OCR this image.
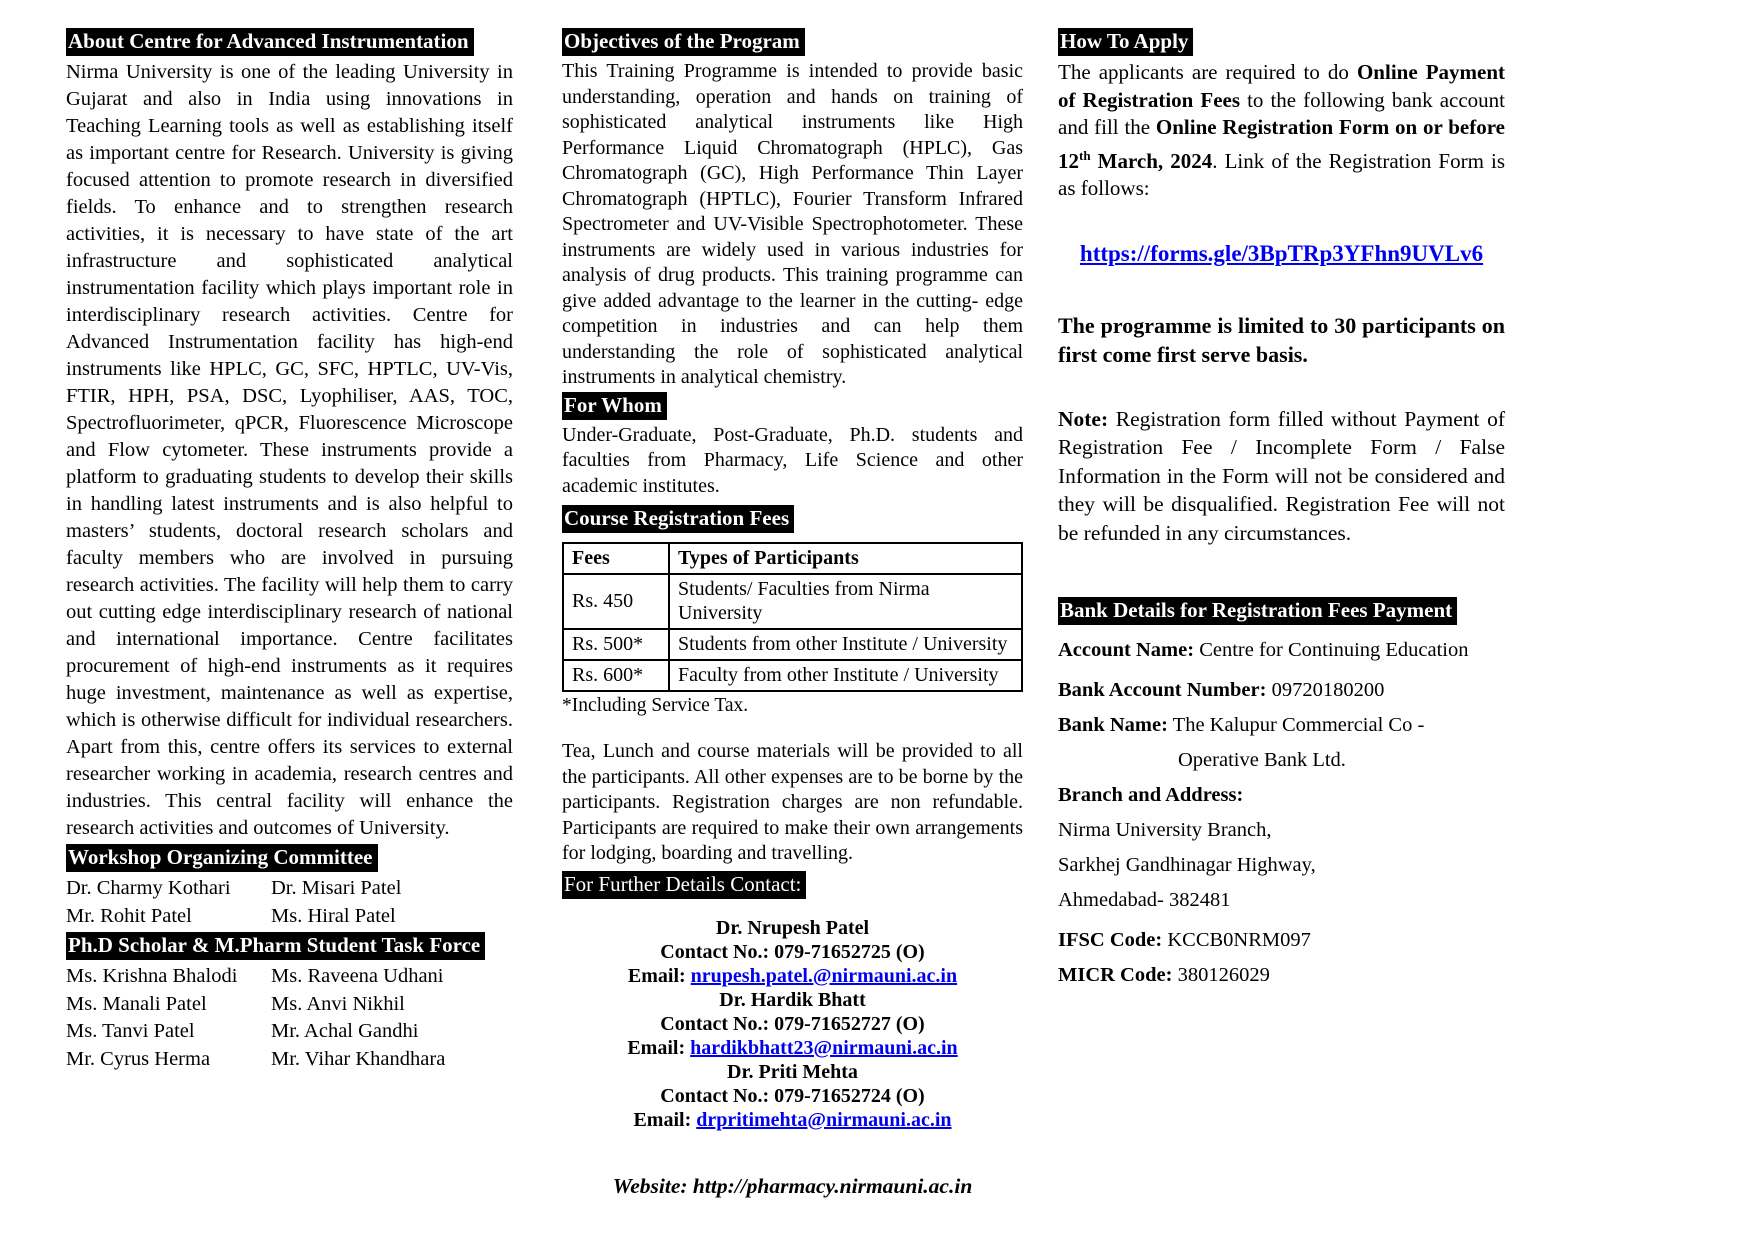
About Centre for Advanced Instrumentation

Nirma University is one of the leading University in Gujarat and also in India using innovations in Teaching Learning tools as well as establishing itself as important centre for Research. University is giving focused attention to promote research in diversified fields. To enhance and to strengthen research activities, it is necessary to have state of the art infrastructure and sophisticated analytical instrumentation facility which plays important role in interdisciplinary research activities. Centre for Advanced Instrumentation facility has high-end instruments like HPLC, GC, SFC, HPTLC, UV-Vis, FTIR, HPH, PSA, DSC, Lyophiliser, AAS, TOC, Spectrofluorimeter, qPCR, Fluorescence Microscope and Flow cytometer. These instruments provide a platform to graduating students to develop their skills in handling latest instruments and is also helpful to masters’ students, doctoral research scholars and faculty members who are involved in pursuing research activities. The facility will help them to carry out cutting edge interdisciplinary research of national and international importance. Centre facilitates procurement of high-end instruments as it requires huge investment, maintenance as well as expertise, which is otherwise difficult for individual researchers. Apart from this, centre offers its services to external researcher working in academia, research centres and industries. This central facility will enhance the research activities and outcomes of University.

Workshop Organizing Committee
Dr. Charmy Kothari	Dr. Misari Patel
Mr. Rohit Patel	Ms. Hiral Patel
Ph.D Scholar & M.Pharm Student Task Force
Ms. Krishna Bhalodi	Ms. Raveena Udhani
Ms. Manali Patel	Ms. Anvi Nikhil
Ms. Tanvi Patel	Mr. Achal Gandhi
Mr. Cyrus Herma	Mr. Vihar Khandhara
Objectives of the Program

This Training Programme is intended to provide basic understanding, operation and hands on training of sophisticated analytical instruments like High Performance Liquid Chromatograph (HPLC), Gas Chromatograph (GC), High Performance Thin Layer Chromatograph (HPTLC), Fourier Transform Infrared Spectrometer and UV-Visible Spectrophotometer. These instruments are widely used in various industries for analysis of drug products. This training programme can give added advantage to the learner in the cutting- edge competition in industries and can help them understanding the role of sophisticated analytical instruments in analytical chemistry.

For Whom

Under-Graduate, Post-Graduate, Ph.D. students and faculties from Pharmacy, Life Science and other academic institutes.

Course Registration Fees
Fees	Types of Participants
Rs. 450	Students/ Faculties from Nirma University
Rs. 500*	Students from other Institute / University
Rs. 600*	Faculty from other Institute / University

*Including Service Tax.

Tea, Lunch and course materials will be provided to all the participants. All other expenses are to be borne by the participants. Registration charges are non refundable. Participants are required to make their own arrangements for lodging, boarding and travelling.

For Further Details Contact:
Dr. Nrupesh Patel
Contact No.: 079-71652725 (O)
Email: nrupesh.patel.@nirmauni.ac.in
Dr. Hardik Bhatt
Contact No.: 079-71652727 (O)
Email: hardikbhatt23@nirmauni.ac.in
Dr. Priti Mehta
Contact No.: 079-71652724 (O)
Email: drpritimehta@nirmauni.ac.in
Website: http://pharmacy.nirmauni.ac.in
How To Apply

The applicants are required to do Online Payment of Registration Fees to the following bank account and fill the Online Registration Form on or before 12th March, 2024. Link of the Registration Form is as follows:

https://forms.gle/3BpTRp3YFhn9UVLv6

The programme is limited to 30 participants on first come first serve basis.

Note: Registration form filled without Payment of Registration Fee / Incomplete Form / False Information in the Form will not be considered and they will be disqualified. Registration Fee will not be refunded in any circumstances.

Bank Details for Registration Fees Payment
Account Name: Centre for Continuing Education
Bank Account Number: 09720180200
Bank Name: The Kalupur Commercial Co -
Operative Bank Ltd.
Branch and Address:
Nirma University Branch,
Sarkhej Gandhinagar Highway,
Ahmedabad- 382481
IFSC Code: KCCB0NRM097
MICR Code: 380126029
